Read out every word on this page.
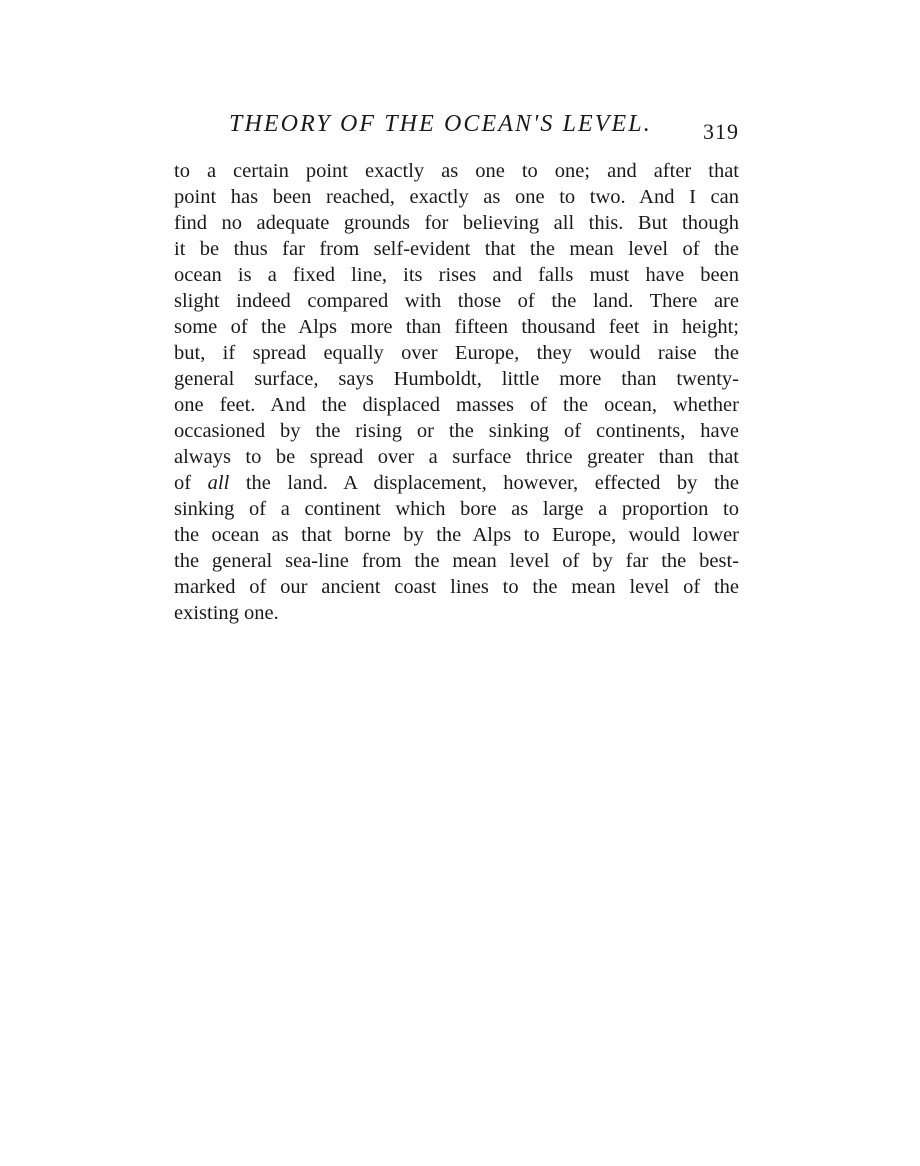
THEORY OF THE OCEAN'S LEVEL. 319

to a certain point exactly as one to one; and after that
point has been reached, exactly as one to two. And I can
find no adequate grounds for believing all this. But though
it be thus far from self-evident that the mean level of the
ocean is a fixed line, its rises and falls must have been
slight indeed compared with those of the land. There are
some of the Alps more than fifteen thousand feet in height;
but, if spread equally over Europe, they would raise the
general surface, says Humboldt, little more than twenty-
one feet. And the displaced masses of the ocean, whether
occasioned by the rising or the sinking of continents, have
always to be spread over a surface thrice greater than that
of all the land. A displacement, however, effected by the
sinking of a continent which bore as large a proportion to
the ocean as that borne by the Alps to Europe, would lower
the general sea-line from the mean level of by far the best-
marked of our ancient coast lines to the mean level of the
existing one.
